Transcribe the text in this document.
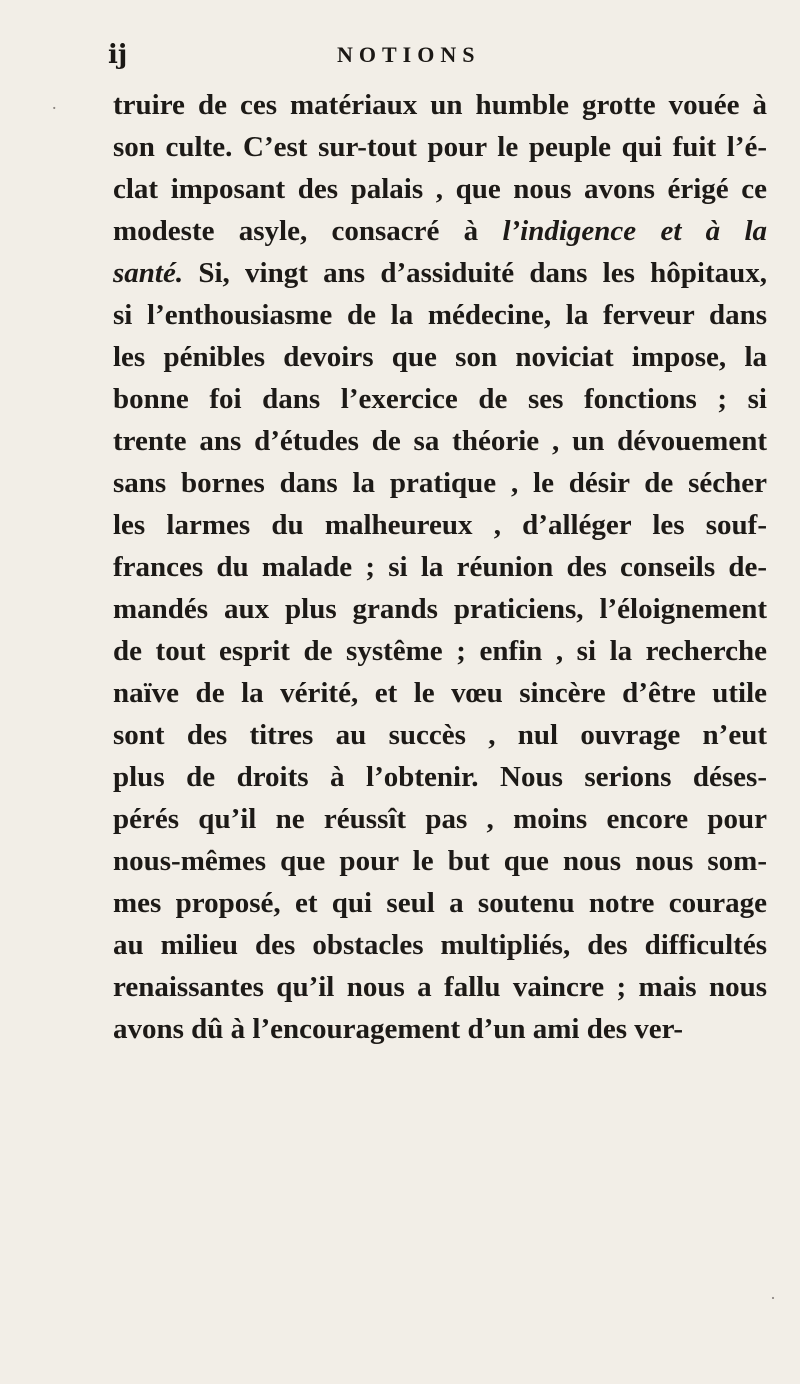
ij	NOTIONS
truire de ces matériaux un humble grotte vouée à
son culte. C’est sur-tout pour le peuple qui fuit l’é-
clat imposant des palais , que nous avons érigé ce
modeste asyle, consacré à l’indigence et à la
santé. Si, vingt ans d’assiduité dans les hôpitaux,
si l’enthousiasme de la médecine, la ferveur dans
les pénibles devoirs que son noviciat impose, la
bonne foi dans l’exercice de ses fonctions ; si
trente ans d’études de sa théorie , un dévouement
sans bornes dans la pratique , le désir de sécher
les larmes du malheureux , d’alléger les souf-
frances du malade ; si la réunion des conseils de-
mandés aux plus grands praticiens, l’éloignement
de tout esprit de systême ; enfin , si la recherche
naïve de la vérité, et le vœu sincère d’être utile
sont des titres au succès , nul ouvrage n’eut
plus de droits à l’obtenir. Nous serions déses-
pérés qu’il ne réussît pas , moins encore pour
nous-mêmes que pour le but que nous nous som-
mes proposé, et qui seul a soutenu notre courage
au milieu des obstacles multipliés, des difficultés
renaissantes qu’il nous a fallu vaincre ; mais nous
avons dû à l’encouragement d’un ami des ver-
.
·
